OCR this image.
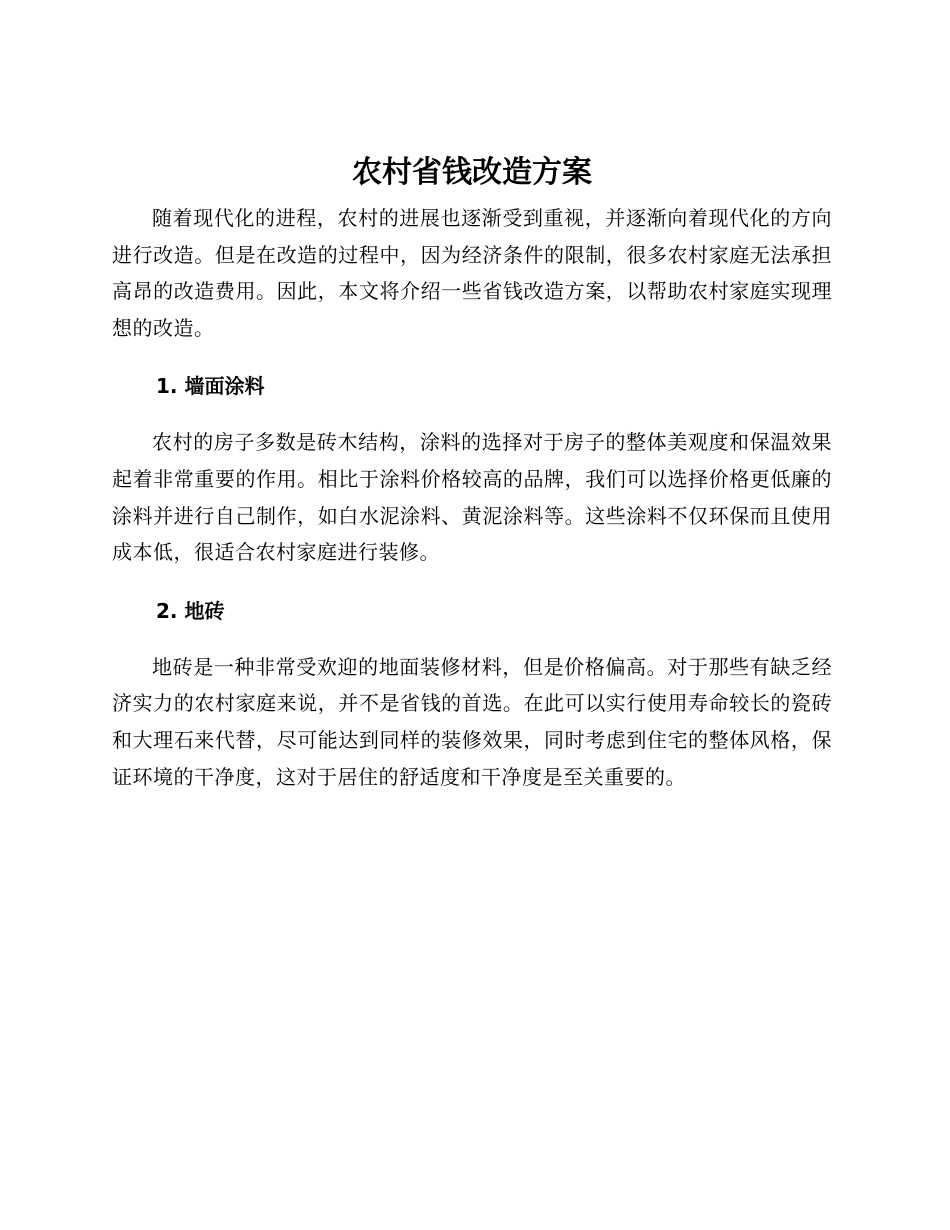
农村省钱改造方案

随着现代化的进程，农村的进展也逐渐受到重视，并逐渐向着现代化的方向进行改造。但是在改造的过程中，因为经济条件的限制，很多农村家庭无法承担高昂的改造费用。因此，本文将介绍一些省钱改造方案，以帮助农村家庭实现理想的改造。

1. 墙面涂料

农村的房子多数是砖木结构，涂料的选择对于房子的整体美观度和保温效果起着非常重要的作用。相比于涂料价格较高的品牌，我们可以选择价格更低廉的涂料并进行自己制作，如白水泥涂料、黄泥涂料等。这些涂料不仅环保而且使用成本低，很适合农村家庭进行装修。

2. 地砖

地砖是一种非常受欢迎的地面装修材料，但是价格偏高。对于那些有缺乏经济实力的农村家庭来说，并不是省钱的首选。在此可以实行使用寿命较长的瓷砖和大理石来代替，尽可能达到同样的装修效果，同时考虑到住宅的整体风格，保证环境的干净度，这对于居住的舒适度和干净度是至关重要的。
